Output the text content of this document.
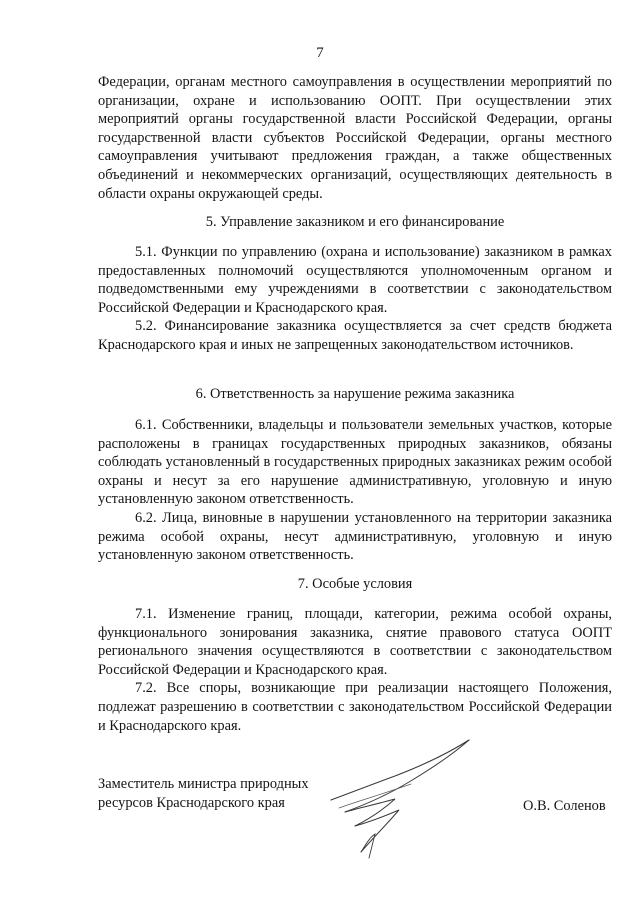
7

Федерации, органам местного самоуправления в осуществлении мероприятий по организации, охране и использованию ООПТ. При осуществлении этих мероприятий органы государственной власти Российской Федерации, органы государственной власти субъектов Российской Федерации, органы местного самоуправления учитывают предложения граждан, а также общественных объединений и некоммерческих организаций, осуществляющих деятельность в области охраны окружающей среды.

5. Управление заказником и его финансирование

5.1. Функции по управлению (охрана и использование) заказником в рамках предоставленных полномочий осуществляются уполномоченным органом и подведомственными ему учреждениями в соответствии с законодательством Российской Федерации и Краснодарского края.

5.2. Финансирование заказника осуществляется за счет средств бюджета Краснодарского края и иных не запрещенных законодательством источников.

6. Ответственность за нарушение режима заказника

6.1. Собственники, владельцы и пользователи земельных участков, которые расположены в границах государственных природных заказников, обязаны соблюдать установленный в государственных природных заказниках режим особой охраны и несут за его нарушение административную, уголовную и иную установленную законом ответственность.

6.2. Лица, виновные в нарушении установленного на территории заказника режима особой охраны, несут административную, уголовную и иную установленную законом ответственность.

7. Особые условия

7.1. Изменение границ, площади, категории, режима особой охраны, функционального зонирования заказника, снятие правового статуса ООПТ регионального значения осуществляются в соответствии с законодательством Российской Федерации и Краснодарского края.

7.2. Все споры, возникающие при реализации настоящего Положения, подлежат разрешению в соответствии с законодательством Российской Федерации и Краснодарского края.

Заместитель министра природных
ресурсов Краснодарского края	О.В. Соленов
